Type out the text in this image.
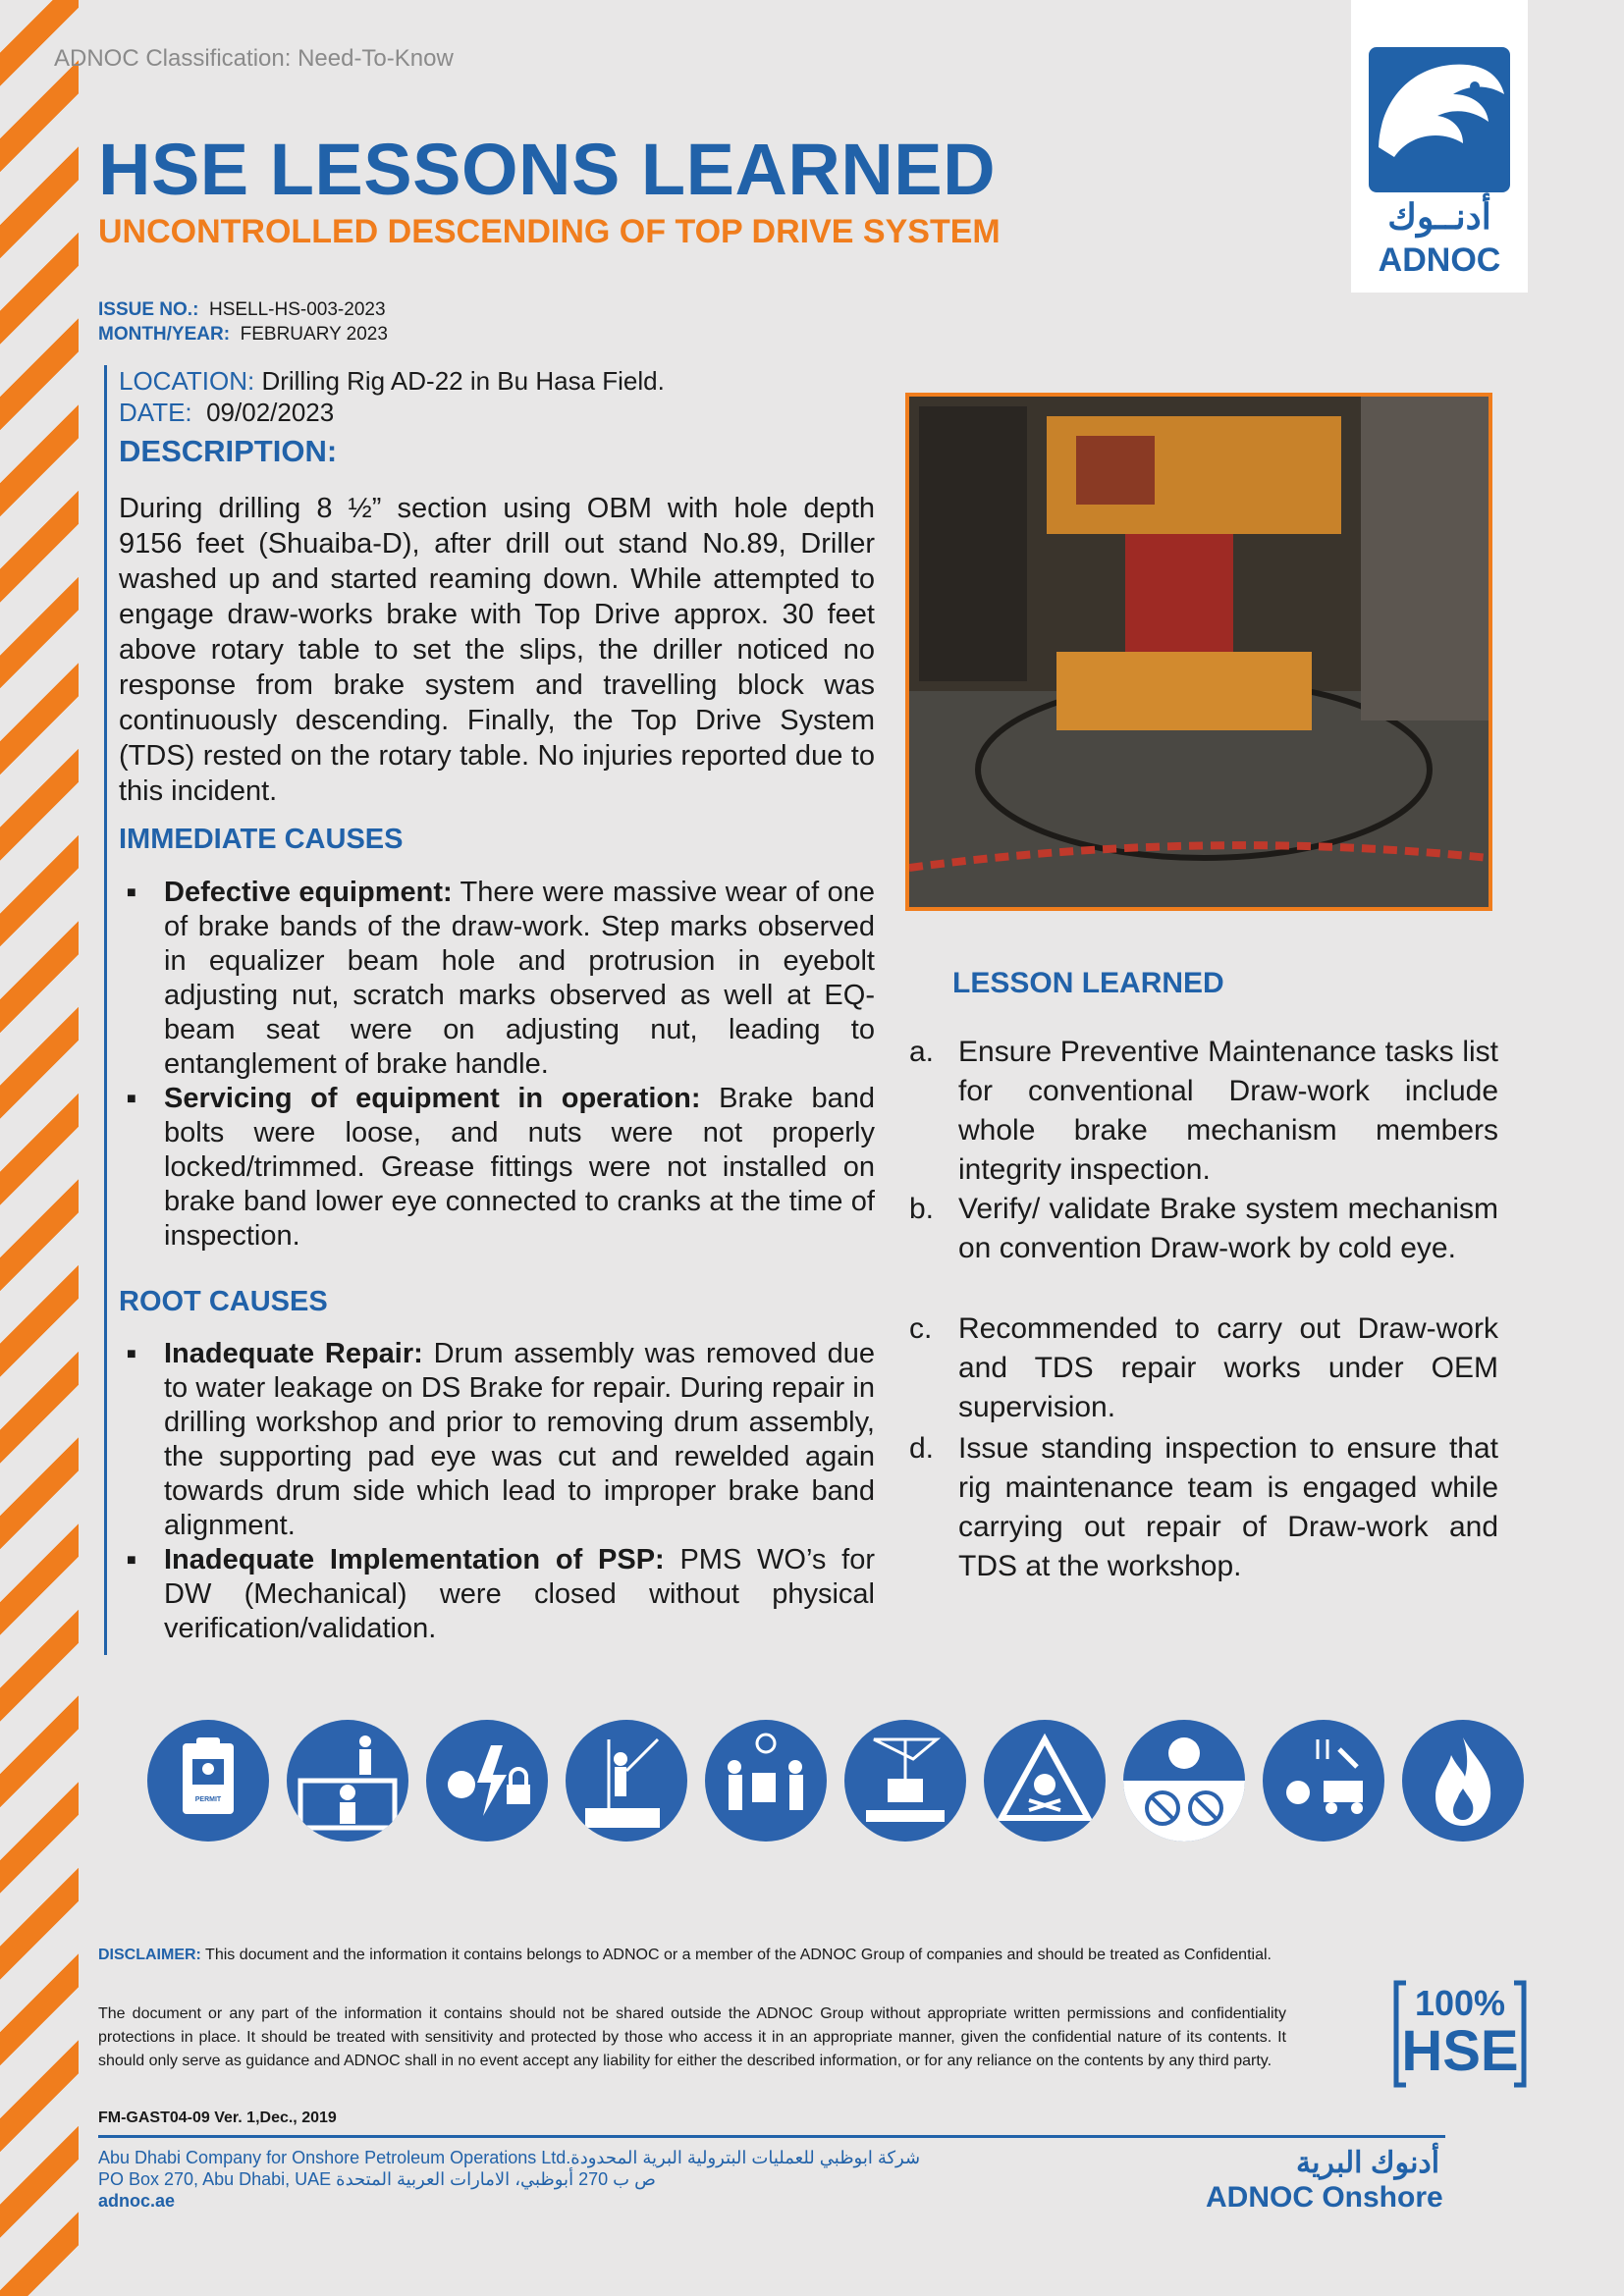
ADNOC Classification: Need-To-Know
أدنــوك
ADNOC
HSE LESSONS LEARNED
UNCONTROLLED DESCENDING OF TOP DRIVE SYSTEM
ISSUE NO.: HSELL-HS-003-2023
MONTH/YEAR: FEBRUARY 2023
LOCATION: Drilling Rig AD-22 in Bu Hasa Field.
DATE: 09/02/2023
DESCRIPTION:

During drilling 8 ½” section using OBM with hole depth 9156 feet (Shuaiba-D), after drill out stand No.89, Driller washed up and started reaming down. While attempted to engage draw-works brake with Top Drive approx. 30 feet above rotary table to set the slips, the driller noticed no response from brake system and travelling block was continuously descending. Finally, the Top Drive System (TDS) rested on the rotary table. No injuries reported due to this incident.

IMMEDIATE CAUSES
■ Defective equipment: There were massive wear of one of brake bands of the draw-work. Step marks observed in equalizer beam hole and protrusion in eyebolt adjusting nut, scratch marks observed as well at EQ-beam seat were on adjusting nut, leading to entanglement of brake handle.
■ Servicing of equipment in operation: Brake band bolts were loose, and nuts were not properly locked/trimmed. Grease fittings were not installed on brake band lower eye connected to cranks at the time of inspection.
ROOT CAUSES
■ Inadequate Repair: Drum assembly was removed due to water leakage on DS Brake for repair. During repair in drilling workshop and prior to removing drum assembly, the supporting pad eye was cut and rewelded again towards drum side which lead to improper brake band alignment.
■ Inadequate Implementation of PSP: PMS WO’s for DW (Mechanical) were closed without physical verification/validation.
LESSON LEARNED
a. Ensure Preventive Maintenance tasks list for conventional Draw-work include whole brake mechanism members integrity inspection.
b. Verify/ validate Brake system mechanism on convention Draw-work by cold eye.
c. Recommended to carry out Draw-work and TDS repair works under OEM supervision.
d. Issue standing inspection to ensure that rig maintenance team is engaged while carrying out repair of Draw-work and TDS at the workshop.
PERMIT
DISCLAIMER: This document and the information it contains belongs to ADNOC or a member of the ADNOC Group of companies and should be treated as Confidential.
The document or any part of the information it contains should not be shared outside the ADNOC Group without appropriate written permissions and confidentiality protections in place. It should be treated with sensitivity and protected by those who access it in an appropriate manner, given the confidential nature of its contents. It should only serve as guidance and ADNOC shall in no event accept any liability for either the described information, or for any reliance on the contents by any third party.
FM-GAST04-09 Ver. 1,Dec., 2019
100%
HSE
Abu Dhabi Company for Onshore Petroleum Operations Ltd.شركة ابوظبي للعمليات البترولية البرية المحدودة
PO Box 270, Abu Dhabi, UAE ص ب 270 أبوظبي، الامارات العربية المتحدة
adnoc.ae
أدنوك البرية
ADNOC Onshore
